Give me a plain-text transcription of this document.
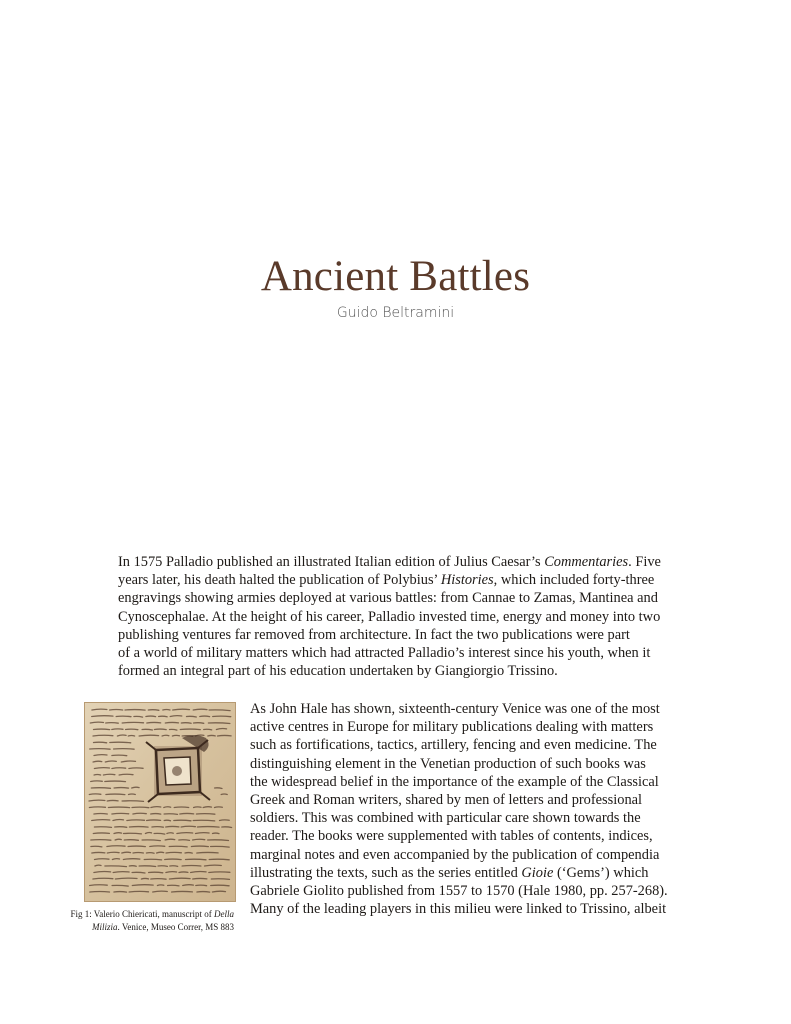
Ancient Battles
Guido Beltramini
In 1575 Palladio published an illustrated Italian edition of Julius Caesar’s Commentaries. Five
years later, his death halted the publication of Polybius’ Histories, which included forty-three
engravings showing armies deployed at various battles: from Cannae to Zamas, Mantinea and
Cynoscephalae. At the height of his career, Palladio invested time, energy and money into two
publishing ventures far removed from architecture. In fact the two publications were part
of a world of military matters which had attracted Palladio’s interest since his youth, when it
formed an integral part of his education undertaken by Giangiorgio Trissino.
As John Hale has shown, sixteenth-century Venice was one of the most
active centres in Europe for military publications dealing with matters
such as fortifications, tactics, artillery, fencing and even medicine. The
distinguishing element in the Venetian production of such books was
the widespread belief in the importance of the example of the Classical
Greek and Roman writers, shared by men of letters and professional
soldiers. This was combined with particular care shown towards the
reader. The books were supplemented with tables of contents, indices,
marginal notes and even accompanied by the publication of compendia
illustrating the texts, such as the series entitled Gioie (‘Gems’) which
Gabriele Giolito published from 1557 to 1570 (Hale 1980, pp. 257-268).
Many of the leading players in this milieu were linked to Trissino, albeit
Fig 1: Valerio Chiericati, manuscript of Della
Milizia. Venice, Museo Correr, MS 883
